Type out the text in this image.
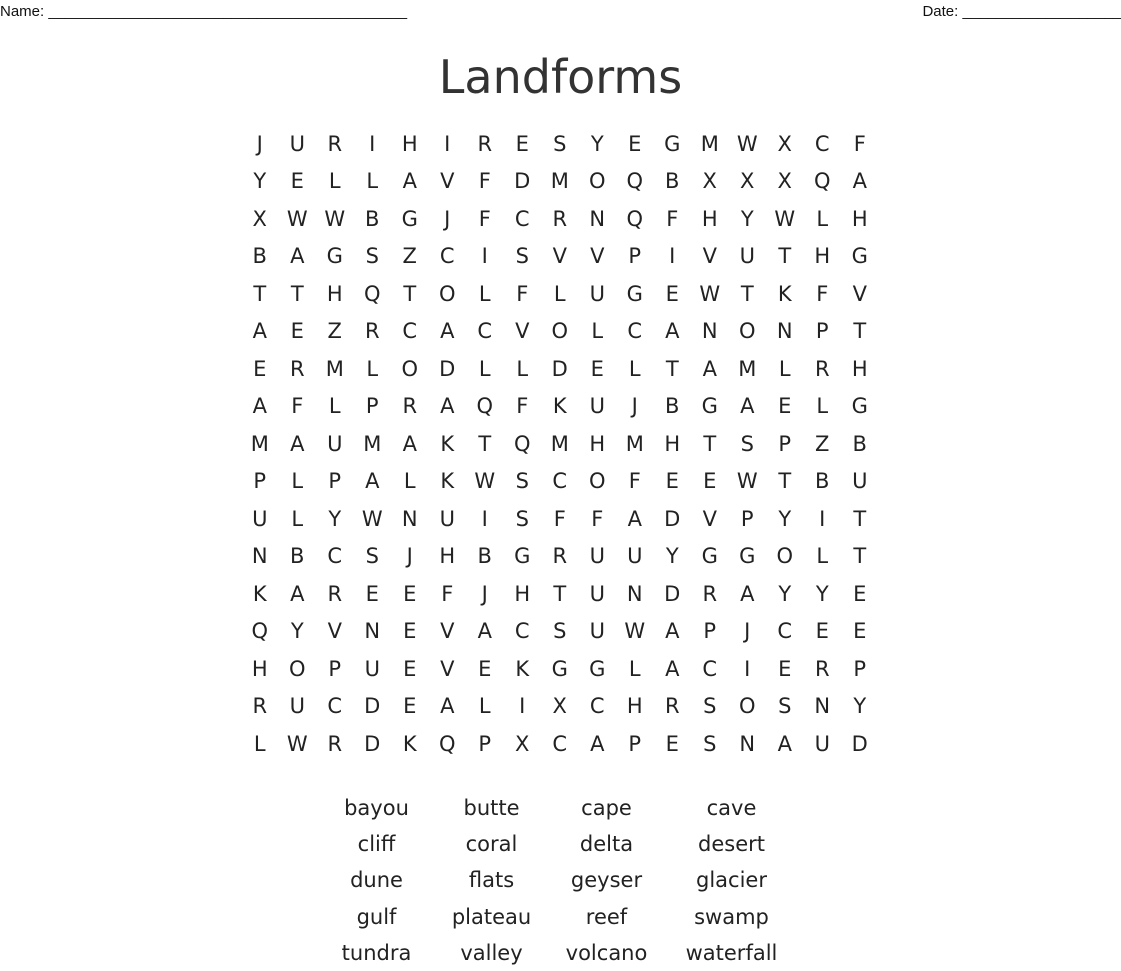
Name: ___________________________________________	Date: ___________________
Landforms
J	U	R	I	H	I	R	E	S	Y	E	G M W X	C	F
Y	E	L	L	A	V	F	D M O Q	B	X	X	X	Q	A
X W W B	G	J	F	C	R	N	Q	F	H	Y W	L	H
B	A	G	S	Z	C	I	S	V	V	P	I	V	U	T	H	G
T	T	H	Q	T	O	L	F	L	U	G	E W T	K	F	V
A	E	Z	R	C	A	C	V	O	L	C	A	N	O	N	P	T
E	R	M	L	O	D	L	L	D	E	L	T	A	M	L	R	H
A	F	L	P	R	A	Q	F	K	U	J	B	G	A	E	L	G
M	A	U M	A	K	T	Q M H M H	T	S	P	Z	B
P	L	P	A	L	K W S	C	O	F	E	E W T	B	U
U	L	Y W N	U	I	S	F	F	A	D	V	P	Y	I	T
N	B	C	S	J	H	B	G	R	U	U	Y	G	G	O	L	T
K	A	R	E	E	F	J	H	T	U	N	D	R	A	Y	Y	E
Q	Y	V	N	E	V	A	C	S	U W A	P	J	C	E	E
H	O	P	U	E	V	E	K	G	G	L	A	C	I	E	R	P
R	U	C	D	E	A	L	I	X	C	H	R	S	O	S	N	Y
L	W R	D	K	Q	P	X	C	A	P	E	S	N	A	U	D
bayou	butte	cape	cave
cliff	coral	delta	desert
dune	flats	geyser	glacier
gulf	plateau	reef	swamp
tundra	valley	volcano	waterfall
